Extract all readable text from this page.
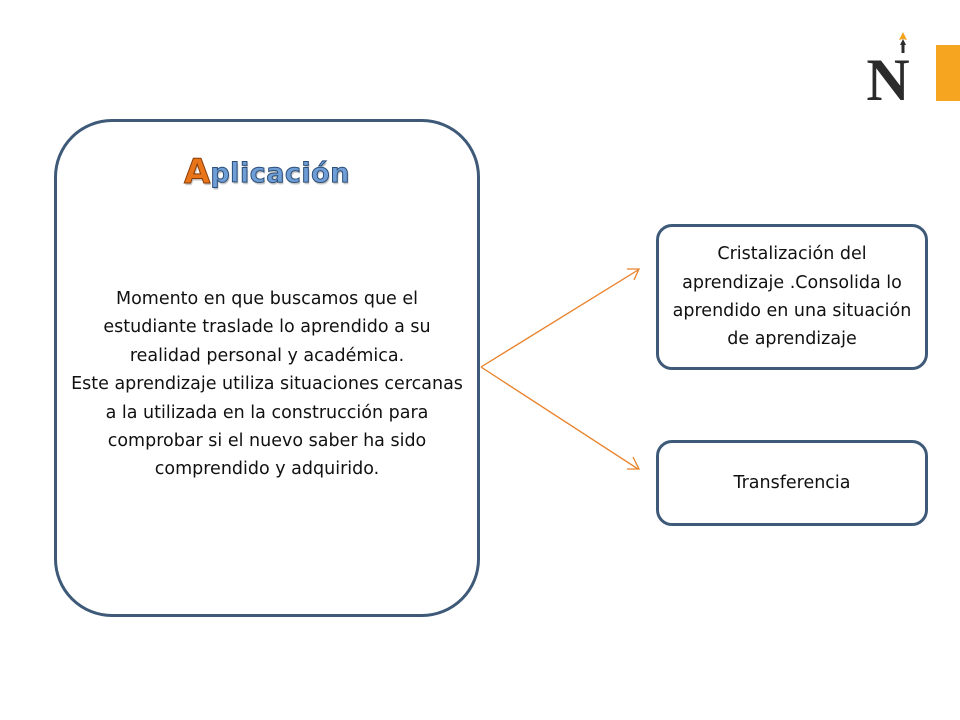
N
Aplicación

Momento en que buscamos que el estudiante traslade lo aprendido a su realidad personal y académica.

Este aprendizaje utiliza situaciones cercanas a la utilizada en la construcción para comprobar si el nuevo saber ha sido comprendido y adquirido.

Cristalización del aprendizaje .Consolida lo aprendido en una situación de aprendizaje
Transferencia
